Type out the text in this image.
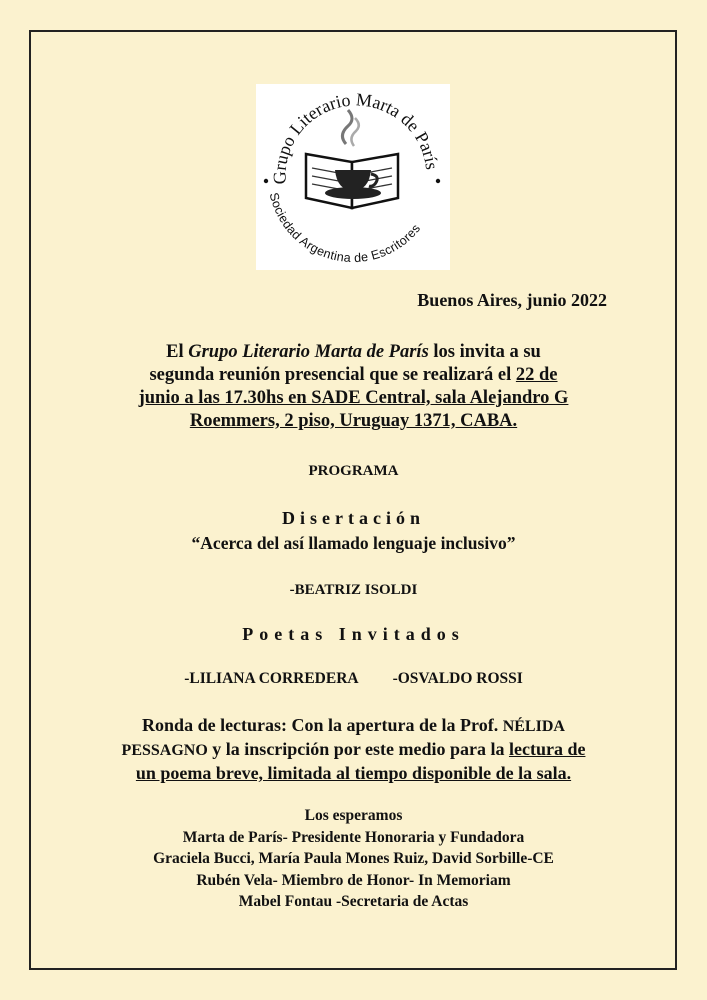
Grupo Literario Marta de París
Sociedad Argentina de Escritores
Buenos Aires, junio 2022

El Grupo Literario Marta de París los invita a su
segunda reunión presencial que se realizará el 22 de
junio a las 17.30hs en SADE Central, sala Alejandro G
Roemmers, 2 piso, Uruguay 1371, CABA.

PROGRAMA

Disertación

“Acerca del así llamado lenguaje inclusivo”

-BEATRIZ ISOLDI

Poetas Invitados

-LILIANA CORREDERA -OSVALDO ROSSI

Ronda de lecturas: Con la apertura de la Prof. NÉLIDA
PESSAGNO y la inscripción por este medio para la lectura de
un poema breve, limitada al tiempo disponible de la sala.

Los esperamos
Marta de París- Presidente Honoraria y Fundadora
Graciela Bucci, María Paula Mones Ruiz, David Sorbille-CE
Rubén Vela- Miembro de Honor- In Memoriam
Mabel Fontau -Secretaria de Actas
